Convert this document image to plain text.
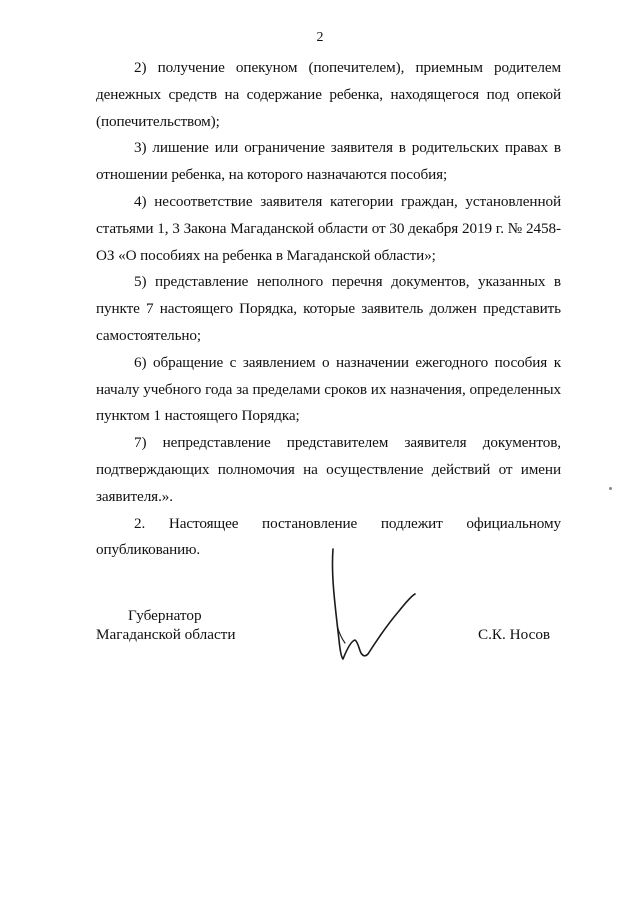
2

2) получение опекуном (попечителем), приемным родителем денежных средств на содержание ребенка, находящегося под опекой (попечительством);

3) лишение или ограничение заявителя в родительских правах в отношении ребенка, на которого назначаются пособия;

4) несоответствие заявителя категории граждан, установленной статьями 1, 3 Закона Магаданской области от 30 декабря 2019 г. № 2458-ОЗ «О пособиях на ребенка в Магаданской области»;

5) представление неполного перечня документов, указанных в пункте 7 настоящего Порядка, которые заявитель должен представить самостоятельно;

6) обращение с заявлением о назначении ежегодного пособия к началу учебного года за пределами сроков их назначения, определенных пунктом 1 настоящего Порядка;

7) непредставление представителем заявителя документов, подтверждающих полномочия на осуществление действий от имени заявителя.».

2. Настоящее постановление подлежит официальному опубликованию.

Губернатор
Магаданской области	С.К. Носов
